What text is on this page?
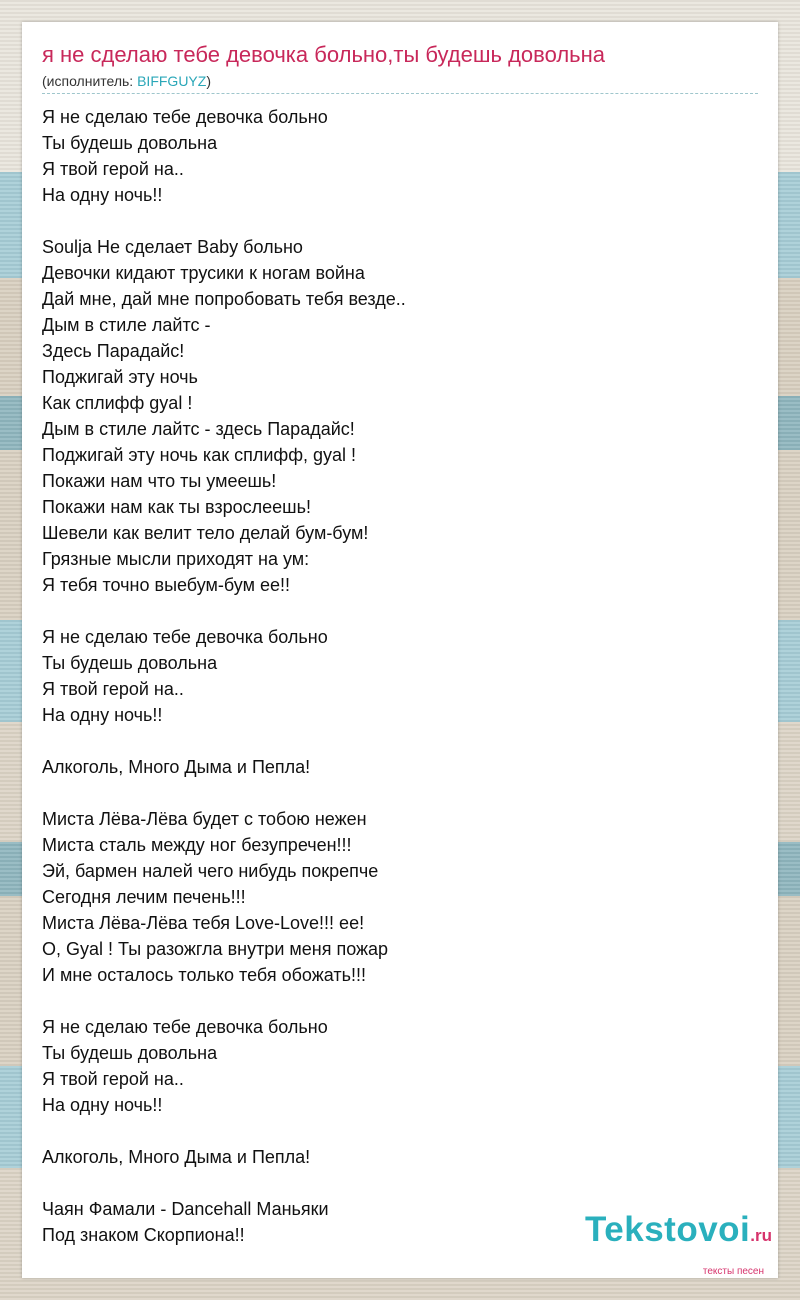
я не сделаю тебе девочка больно,ты будешь довольна
(исполнитель: BIFFGUYZ)
Я не сделаю тебе девочка больно
Ты будешь довольна
Я твой герой на..
На одну ночь!!
Soulja Не сделает Baby больно
Девочки кидают трусики к ногам война
Дай мне, дай мне попробовать тебя везде..
Дым в стиле лайтс -
Здесь Парадайс!
Поджигай эту ночь
Как сплифф gyal !
Дым в стиле лайтс - здесь Парадайс!
Поджигай эту ночь как сплифф, gyal !
Покажи нам что ты умеешь!
Покажи нам как ты взрослеешь!
Шевели как велит тело делай бум-бум!
Грязные мысли приходят на ум:
Я тебя точно выебум-бум ее!!
Я не сделаю тебе девочка больно
Ты будешь довольна
Я твой герой на..
На одну ночь!!
Алкоголь, Много Дыма и Пепла!
Миста Лёва-Лёва будет с тобою нежен
Миста сталь между ног безупречен!!!
Эй, бармен налей чего нибудь покрепче
Сегодня лечим печень!!!
Миста Лёва-Лёва тебя Love-Love!!! ее!
О, Gyal ! Ты разожгла внутри меня пожар
И мне осталось только тебя обожать!!!
Я не сделаю тебе девочка больно
Ты будешь довольна
Я твой герой на..
На одну ночь!!
Алкоголь, Много Дыма и Пепла!
Чаян Фамали - Dancehall Маньяки
Под знаком Скорпиона!!	Tekstovoi.ru
тексты песен
